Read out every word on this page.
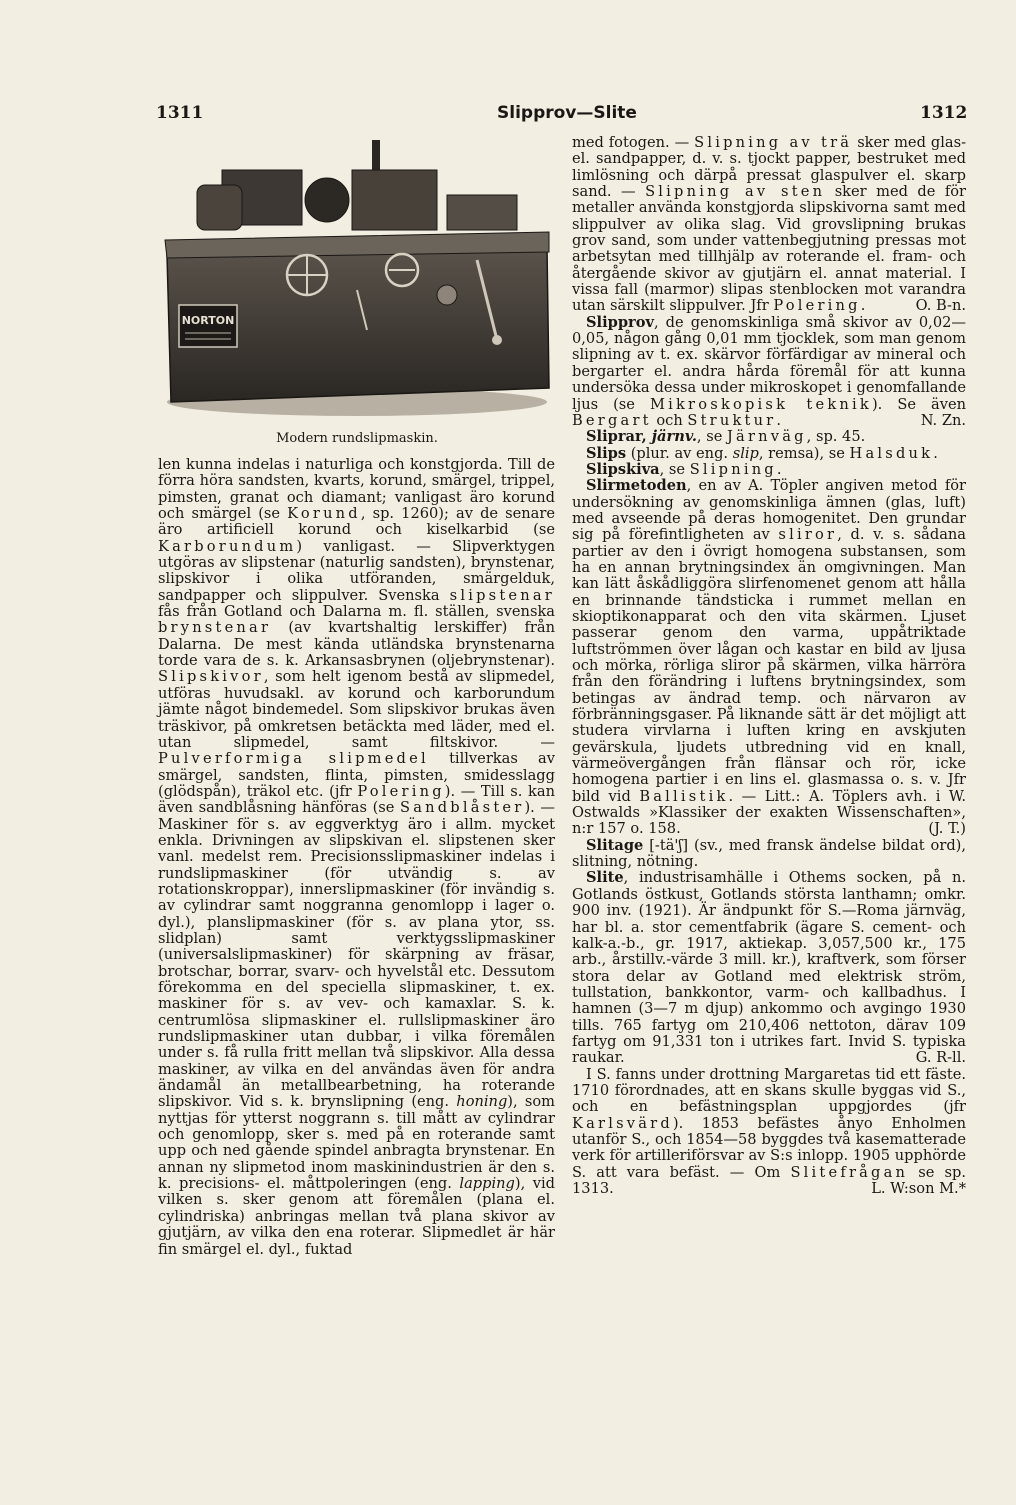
1311	Slipprov—Slite	1312
NORTON
Modern rundslipmaskin.

len kunna indelas i naturliga och konstgjorda. Till de förra höra sandsten, kvarts, korund, smärgel, trippel, pimsten, granat och diamant; vanligast äro korund och smärgel (se Korund, sp. 1260); av de senare äro artificiell korund och kiselkarbid (se Karborundum) vanligast. — Slipverktygen utgöras av slipstenar (naturlig sandsten), brynstenar, slipskivor i olika utföranden, smärgelduk, sandpapper och slippulver. Svenska slipstenar fås från Gotland och Dalarna m. fl. ställen, svenska brynstenar (av kvartshaltig lerskiffer) från Dalarna. De mest kända utländska brynstenarna torde vara de s. k. Arkansasbrynen (oljebrynstenar). Slipskivor, som helt igenom bestå av slipmedel, utföras huvudsakl. av korund och karborundum jämte något bindemedel. Som slipskivor brukas även träskivor, på omkretsen betäckta med läder, med el. utan slipmedel, samt filtskivor. — Pulverformiga slipmedel tillverkas av smärgel, sandsten, flinta, pimsten, smidesslagg (glödspån), träkol etc. (jfr Polering). — Till s. kan även sandblåsning hänföras (se Sandblåster). — Maskiner för s. av eggverktyg äro i allm. mycket enkla. Drivningen av slipskivan el. slipstenen sker vanl. medelst rem. Precisionsslipmaskiner indelas i rundslipmaskiner (för utvändig s. av rotationskroppar), innerslipmaskiner (för invändig s. av cylindrar samt noggranna genomlopp i lager o. dyl.), planslipmaskiner (för s. av plana ytor, ss. slidplan) samt verktygsslipmaskiner (universalslipmaskiner) för skärpning av fräsar, brotschar, borrar, svarv- och hyvelstål etc. Dessutom förekomma en del speciella slipmaskiner, t. ex. maskiner för s. av vev- och kamaxlar. S. k. centrumlösa slipmaskiner el. rullslipmaskiner äro rundslipmaskiner utan dubbar, i vilka föremålen under s. få rulla fritt mellan två slipskivor. Alla dessa maskiner, av vilka en del användas även för andra ändamål än metallbearbetning, ha roterande slipskivor. Vid s. k. brynslipning (eng. honing), som nyttjas för ytterst noggrann s. till mått av cylindrar och genomlopp, sker s. med på en roterande samt upp och ned gående spindel anbragta brynstenar. En annan ny slipmetod inom maskinindustrien är den s. k. precisions- el. måttpoleringen (eng. lapping), vid vilken s. sker genom att föremålen (plana el. cylindriska) anbringas mellan två plana skivor av gjutjärn, av vilka den ena roterar. Slipmedlet är här fin smärgel el. dyl., fuktad

med fotogen. — Slipning av trä sker med glas- el. sandpapper, d. v. s. tjockt papper, bestruket med limlösning och därpå pressat glaspulver el. skarp sand. — Slipning av sten sker med de för metaller använda konstgjorda slipskivorna samt med slippulver av olika slag. Vid grovslipning brukas grov sand, som under vattenbegjutning pressas mot arbetsytan med tillhjälp av roterande el. fram- och återgående skivor av gjutjärn el. annat material. I vissa fall (marmor) slipas stenblocken mot varandra utan särskilt slippulver. Jfr Polering.	O. B-n.

Slipprov, de genomskinliga små skivor av 0,02—0,05, någon gång 0,01 mm tjocklek, som man genom slipning av t. ex. skärvor förfärdigar av mineral och bergarter el. andra hårda föremål för att kunna undersöka dessa under mikroskopet i genomfallande ljus (se Mikroskopisk teknik). Se även Bergart och Struktur.	N. Zn.

Sliprar, järnv., se Järnväg, sp. 45.

Slips (plur. av eng. slip, remsa), se Halsduk.

Slipskiva, se Slipning.

Slirmetoden, en av A. Töpler angiven metod för undersökning av genomskinliga ämnen (glas, luft) med avseende på deras homogenitet. Den grundar sig på förefintligheten av sliror, d. v. s. sådana partier av den i övrigt homogena substansen, som ha en annan brytningsindex än omgivningen. Man kan lätt åskådliggöra slirfenomenet genom att hålla en brinnande tändsticka i rummet mellan en skioptikonapparat och den vita skärmen. Ljuset passerar genom den varma, uppåtriktade luftströmmen över lågan och kastar en bild av ljusa och mörka, rörliga sliror på skärmen, vilka härröra från den förändring i luftens brytningsindex, som betingas av ändrad temp. och närvaron av förbränningsgaser. På liknande sätt är det möjligt att studera virvlarna i luften kring en avskjuten gevärskula, ljudets utbredning vid en knall, värmeövergången från flänsar och rör, icke homogena partier i en lins el. glasmassa o. s. v. Jfr bild vid Ballistik. — Litt.: A. Töplers avh. i W. Ostwalds »Klassiker der exakten Wissenschaften», n:r 157 o. 158.	(J. T.)

Slitage [-tä'ʃ] (sv., med fransk ändelse bildat ord), slitning, nötning.

Slite, industrisamhälle i Othems socken, på n. Gotlands östkust, Gotlands största lanthamn; omkr. 900 inv. (1921). Är ändpunkt för S.—Roma järnväg, har bl. a. stor cementfabrik (ägare S. cement- och kalk-a.-b., gr. 1917, aktiekap. 3,057,500 kr., 175 arb., årstillv.-värde 3 mill. kr.), kraftverk, som förser stora delar av Gotland med elektrisk ström, tullstation, bankkontor, varm- och kallbadhus. I hamnen (3—7 m djup) ankommo och avgingo 1930 tills. 765 fartyg om 210,406 nettoton, därav 109 fartyg om 91,331 ton i utrikes fart. Invid S. typiska raukar.	G. R-ll.

I S. fanns under drottning Margaretas tid ett fäste. 1710 förordnades, att en skans skulle byggas vid S., och en befästningsplan uppgjordes (jfr Karlsvärd). 1853 befästes ånyo Enholmen utanför S., och 1854—58 byggdes två kasematterade verk för artilleriförsvar av S:s inlopp. 1905 upphörde S. att vara befäst. — Om Slitefrågan se sp. 1313.	L. W:son M.*
